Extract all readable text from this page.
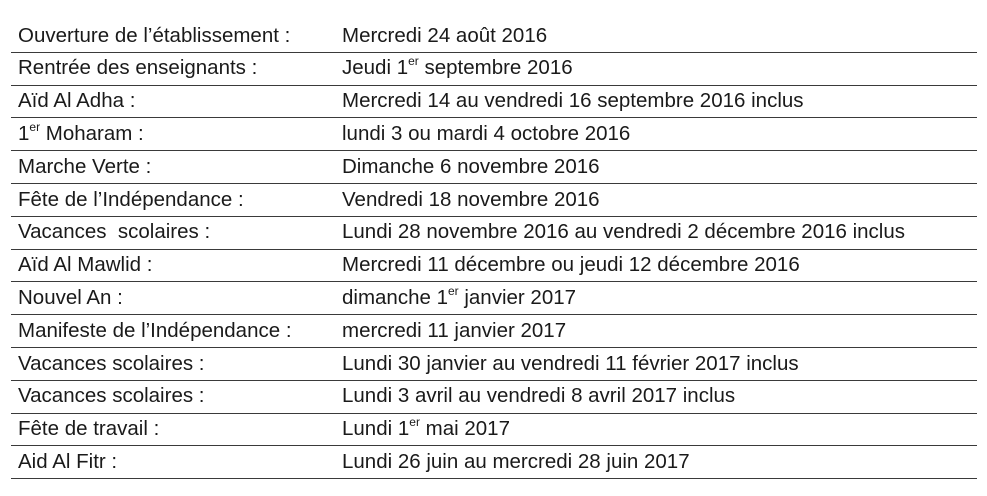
Ouverture de l’établissement :	Mercredi 24 août 2016
Rentrée des enseignants :	Jeudi 1er septembre 2016
Aïd Al Adha :	Mercredi 14 au vendredi 16 septembre 2016 inclus
1er Moharam :	lundi 3 ou mardi 4 octobre 2016
Marche Verte :	Dimanche 6 novembre 2016
Fête de l’Indépendance :	Vendredi 18 novembre 2016
Vacances  scolaires :	Lundi 28 novembre 2016 au vendredi 2 décembre 2016 inclus
Aïd Al Mawlid :	Mercredi 11 décembre ou jeudi 12 décembre 2016
Nouvel An :	dimanche 1er janvier 2017
Manifeste de l’Indépendance :	mercredi 11 janvier 2017
Vacances scolaires :	Lundi 30 janvier au vendredi 11 février 2017 inclus
Vacances scolaires :	Lundi 3 avril au vendredi 8 avril 2017 inclus
Fête de travail :	Lundi 1er mai 2017
Aid Al Fitr :	Lundi 26 juin au mercredi 28 juin 2017
